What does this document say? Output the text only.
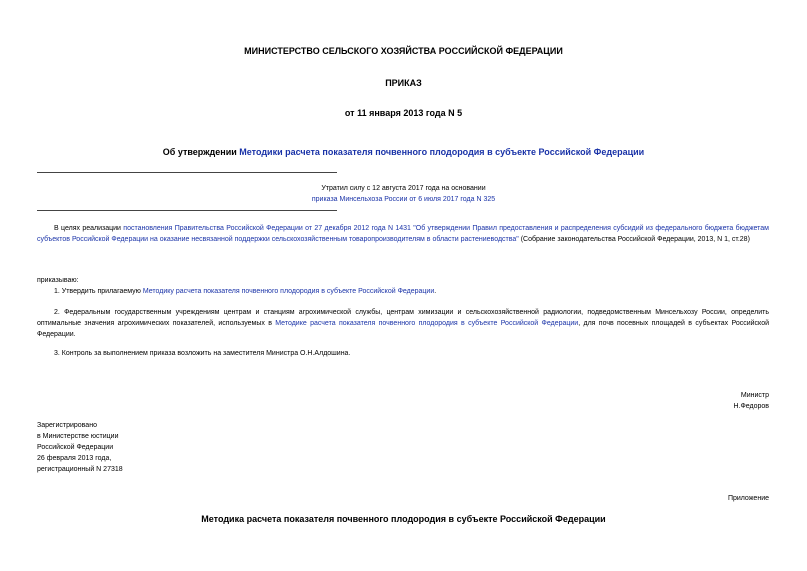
МИНИСТЕРСТВО СЕЛЬСКОГО ХОЗЯЙСТВА РОССИЙСКОЙ ФЕДЕРАЦИИ
ПРИКАЗ
от 11 января 2013 года N 5
Об утверждении Методики расчета показателя почвенного плодородия в субъекте Российской Федерации
Утратил силу с 12 августа 2017 года на основании
приказа Минсельхоза России от 6 июля 2017 года N 325
В целях реализации постановления Правительства Российской Федерации от 27 декабря 2012 года N 1431 "Об утверждении Правил предоставления и распределения субсидий из федерального бюджета бюджетам субъектов Российской Федерации на оказание несвязанной поддержки сельскохозяйственным товаропроизводителям в области растениеводства" (Собрание законодательства Российской Федерации, 2013, N 1, ст.28)
приказываю:
1. Утвердить прилагаемую Методику расчета показателя почвенного плодородия в субъекте Российской Федерации.
2. Федеральным государственным учреждениям центрам и станциям агрохимической службы, центрам химизации и сельскохозяйственной радиологии, подведомственным Минсельхозу России, определить оптимальные значения агрохимических показателей, используемых в Методике расчета показателя почвенного плодородия в субъекте Российской Федерации, для почв посевных площадей в субъектах Российской Федерации.
3. Контроль за выполнением приказа возложить на заместителя Министра О.Н.Алдошина.
Министр
Н.Федоров
Зарегистрировано
в Министерстве юстиции
Российской Федерации
26 февраля 2013 года,
регистрационный N 27318
Приложение
Методика расчета показателя почвенного плодородия в субъекте Российской Федерации
